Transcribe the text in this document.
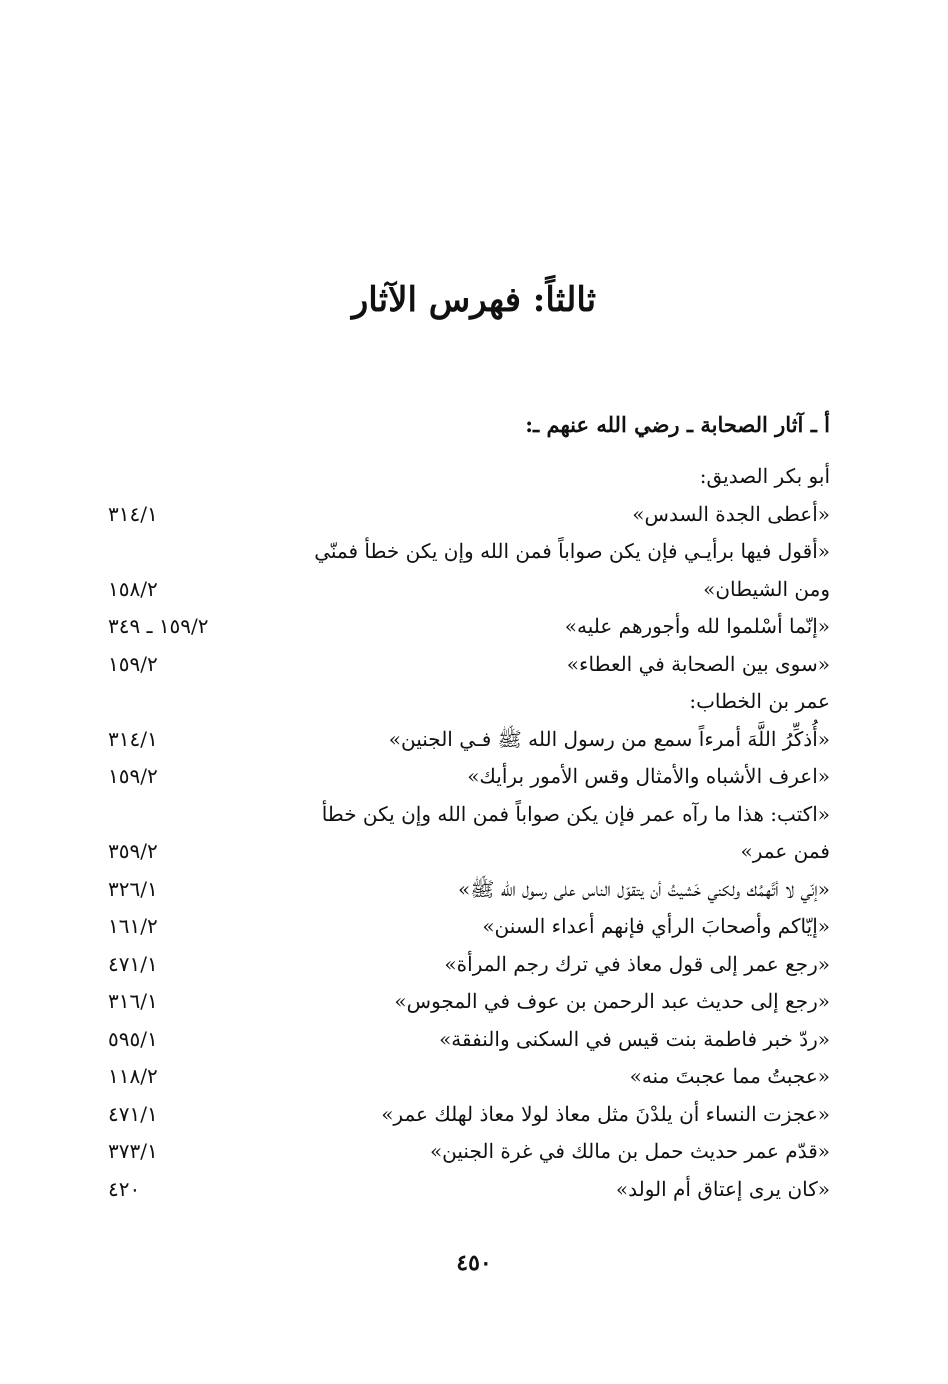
ثالثاً: فهرس الآثار
أ ـ آثار الصحابة ـ رضي الله عنهم ـ:
أبو بكر الصديق:
«أعطى الجدة السدس»
٣١٤/١
«أقول فيها برأيـي فإن يكن صواباً فمن الله وإن يكن خطأ فمنّي
ومن الشيطان»
١٥٨/٢
«إنّما أسْلموا لله وأجورهم عليه»
١٥٩/٢ ـ ٣٤٩
«سوى بين الصحابة في العطاء»
١٥٩/٢
عمر بن الخطاب:
«أُذكِّرُ اللَّهَ أمرءاً سمع من رسول الله ﷺ فـي الجنين»
٣١٤/١
«اعرف الأشباه والأمثال وقس الأمور برأيك»
١٥٩/٢
«اكتب: هذا ما رآه عمر فإن يكن صواباً فمن الله وإن يكن خطأ
فمن عمر»
٣٥٩/٢
«إنّي لا أتَّهمُك ولكني خَشيتُ أن يتقوّل الناس على رسول الله ﷺ»
٣٢٦/١
«إيّاكم وأصحابَ الرأي فإنهم أعداء السنن»
١٦١/٢
«رجع عمر إلى قول معاذ في ترك رجم المرأة»
٤٧١/١
«رجع إلى حديث عبد الرحمن بن عوف في المجوس»
٣١٦/١
«ردّ خبر فاطمة بنت قيس في السكنى والنفقة»
٥٩٥/١
«عجبتُ مما عجبتَ منه»
١١٨/٢
«عجزت النساء أن يلدْنَ مثل معاذ لولا معاذ لهلك عمر»
٤٧١/١
«قدّم عمر حديث حمل بن مالك في غرة الجنين»
٣٧٣/١
«كان يرى إعتاق أم الولد»
٤٢٠
٤٥٠
